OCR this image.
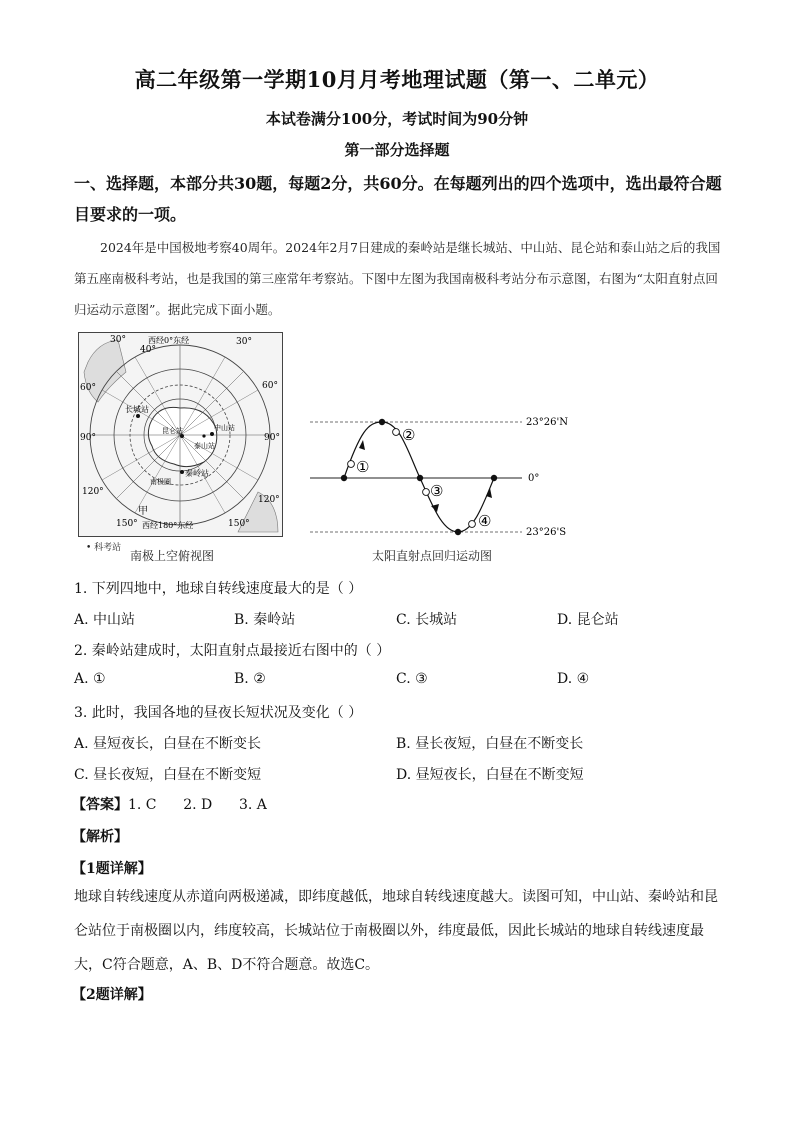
高二年级第一学期10月月考地理试题（第一、二单元）
本试卷满分100分，考试时间为90分钟
第一部分选择题
一、选择题，本部分共30题，每题2分，共60分。在每题列出的四个选项中，选出最符合题目要求的一项。
2024年是中国极地考察40周年。2024年2月7日建成的秦岭站是继长城站、中山站、昆仑站和泰山站之后的我国第五座南极科考站，也是我国的第三座常年考察站。下图中左图为我国南极科考站分布示意图，右图为“太阳直射点回归运动示意图”。据此完成下面小题。
西经0°东经
30°	30°
40°
60°	60°
90°	90°
120°
120°
150°	150°
西经180°东经
甲
南极圈
长城站
昆仑站	中山站
泰山站
秦岭站
• 科考站
南极上空俯视图
①
②
③
④
23°26'N
0°
23°26'S
太阳直射点回归运动图
1. 下列四地中，地球自转线速度最大的是（ ）
A. 中山站	B. 秦岭站	C. 长城站	D. 昆仑站
2. 秦岭站建成时，太阳直射点最接近右图中的（ ）
A. ①	B. ②	C. ③	D. ④
3. 此时，我国各地的昼夜长短状况及变化（ ）
A. 昼短夜长，白昼在不断变长	B. 昼长夜短，白昼在不断变长
C. 昼长夜短，白昼在不断变短	D. 昼短夜长，白昼在不断变短
【答案】1. C      2. D      3. A
【解析】
【1题详解】
地球自转线速度从赤道向两极递减，即纬度越低，地球自转线速度越大。读图可知，中山站、秦岭站和昆仑站位于南极圈以内，纬度较高，长城站位于南极圈以外，纬度最低，因此长城站的地球自转线速度最大，C符合题意，A、B、D不符合题意。故选C。
【2题详解】
